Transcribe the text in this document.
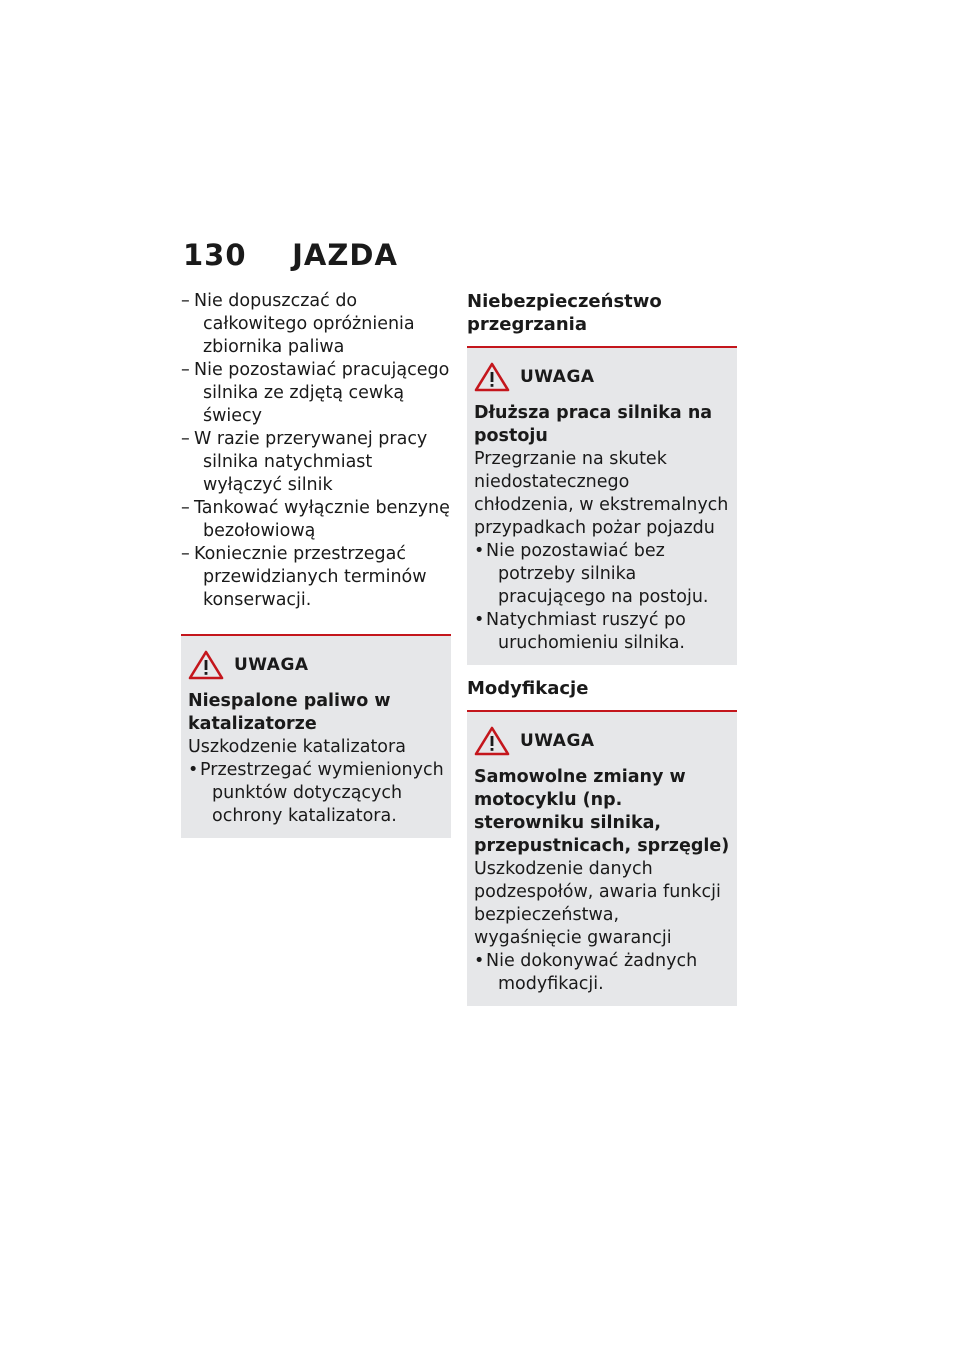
130 JAZDA
– Nie dopuszczać do całkowitego opróżnienia zbiornika paliwa
– Nie pozostawiać pracującego silnika ze zdjętą cewką świecy
– W razie przerywanej pracy silnika natychmiast wyłączyć silnik
– Tankować wyłącznie benzynę bezołowiową
– Koniecznie przestrzegać przewidzianych terminów konserwacji.
UWAGA
Niespalone paliwo w katalizatorze
Uszkodzenie katalizatora
• Przestrzegać wymienionych punktów dotyczących ochrony katalizatora.
Niebezpieczeństwo przegrzania
UWAGA
Dłuższa praca silnika na postoju
Przegrzanie na skutek niedostatecznego chłodzenia, w ekstremalnych przypadkach pożar pojazdu
• Nie pozostawiać bez potrzeby silnika pracującego na postoju.
• Natychmiast ruszyć po uruchomieniu silnika.
Modyfikacje
UWAGA
Samowolne zmiany w motocyklu (np. sterowniku silnika, przepustnicach, sprzęgle)
Uszkodzenie danych podzespołów, awaria funkcji bezpieczeństwa, wygaśnięcie gwarancji
• Nie dokonywać żadnych modyfikacji.
